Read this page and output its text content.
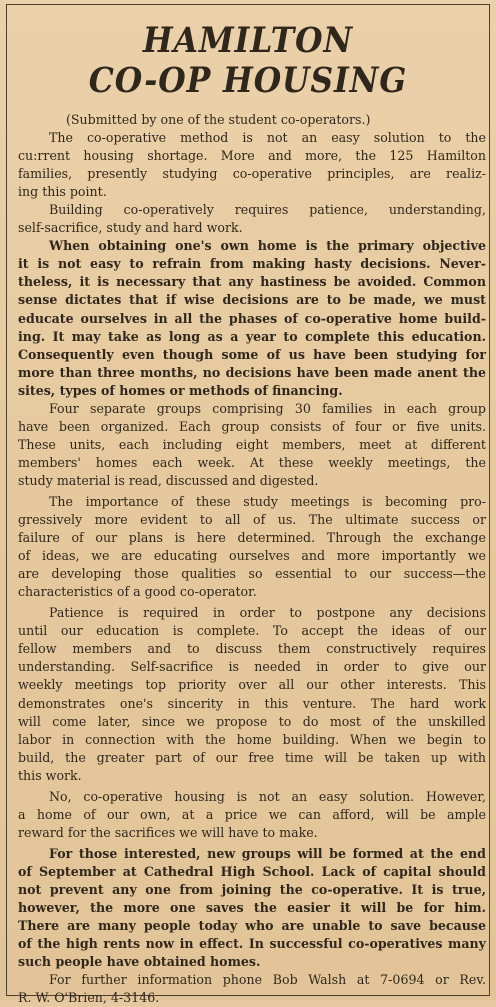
HAMILTON
CO-OP HOUSING
(Submitted by one of the student co-operators.)
The co-operative method is not an easy solution to the
cu:rrent housing shortage. More and more, the 125 Hamilton
families, presently studying co-operative principles, are realiz-
ing this point.
Building co-operatively requires patience, understanding,
self-sacrifice, study and hard work.
When obtaining one's own home is the primary objective
it is not easy to refrain from making hasty decisions. Never-
theless, it is necessary that any hastiness be avoided. Common
sense dictates that if wise decisions are to be made, we must
educate ourselves in all the phases of co-operative home build-
ing. It may take as long as a year to complete this education.
Consequently even though some of us have been studying for
more than three months, no decisions have been made anent the
sites, types of homes or methods of financing.
Four separate groups comprising 30 families in each group
have been organized. Each group consists of four or five units.
These units, each including eight members, meet at different
members' homes each week. At these weekly meetings, the
study material is read, discussed and digested.
The importance of these study meetings is becoming pro-
gressively more evident to all of us. The ultimate success or
failure of our plans is here determined. Through the exchange
of ideas, we are educating ourselves and more importantly we
are developing those qualities so essential to our success—the
characteristics of a good co-operator.
Patience is required in order to postpone any decisions
until our education is complete. To accept the ideas of our
fellow members and to discuss them constructively requires
understanding. Self-sacrifice is needed in order to give our
weekly meetings top priority over all our other interests. This
demonstrates one's sincerity in this venture. The hard work
will come later, since we propose to do most of the unskilled
labor in connection with the home building. When we begin to
build, the greater part of our free time will be taken up with
this work.
No, co-operative housing is not an easy solution. However,
a home of our own, at a price we can afford, will be ample
reward for the sacrifices we will have to make.
For those interested, new groups will be formed at the end
of September at Cathedral High School. Lack of capital should
not prevent any one from joining the co-operative. It is true,
however, the more one saves the easier it will be for him.
There are many people today who are unable to save because
of the high rents now in effect. In successful co-operatives many
such people have obtained homes.
For further information phone Bob Walsh at 7-0694 or Rev.
R. W. O'Brien, 4-3146.
